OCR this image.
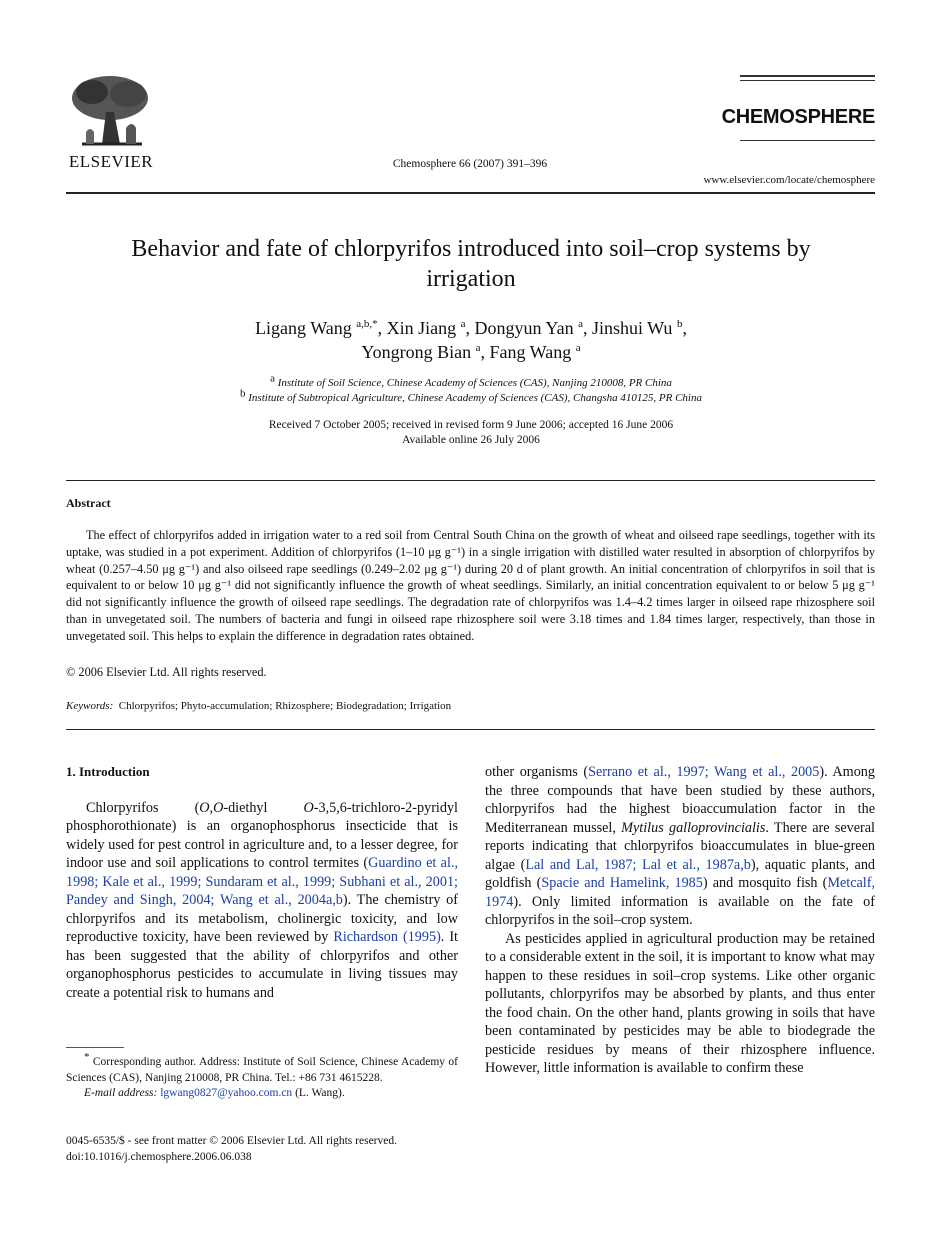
ELSEVIER	Chemosphere 66 (2007) 391–396
CHEMOSPHERE
www.elsevier.com/locate/chemosphere
Behavior and fate of chlorpyrifos introduced into soil–crop systems by irrigation
Ligang Wang $^{a,b,*}$, Xin Jiang $^a$, Dongyun Yan $^a$, Jinshui Wu $^b$,
Yongrong Bian $^a$, Fang Wang $^a$
$^a$ Institute of Soil Science, Chinese Academy of Sciences (CAS), Nanjing 210008, PR China
$^b$ Institute of Subtropical Agriculture, Chinese Academy of Sciences (CAS), Changsha 410125, PR China
Received 7 October 2005; received in revised form 9 June 2006; accepted 16 June 2006
Available online 26 July 2006
Abstract
The effect of chlorpyrifos added in irrigation water to a red soil from Central South China on the growth of wheat and oilseed rape seedlings, together with its uptake, was studied in a pot experiment. Addition of chlorpyrifos (1–10 μg g⁻¹) in a single irrigation with distilled water resulted in absorption of chlorpyrifos by wheat (0.257–4.50 μg g⁻¹) and also oilseed rape seedlings (0.249–2.02 μg g⁻¹) during 20 d of plant growth. An initial concentration of chlorpyrifos in soil that is equivalent to or below 10 μg g⁻¹ did not significantly influence the growth of wheat seedlings. Similarly, an initial concentration equivalent to or below 5 μg g⁻¹ did not significantly influence the growth of oilseed rape seedlings. The degradation rate of chlorpyrifos was 1.4–4.2 times larger in oilseed rape rhizosphere soil than in unvegetated soil. The numbers of bacteria and fungi in oilseed rape rhizosphere soil were 3.18 times and 1.84 times larger, respectively, than those in unvegetated soil. This helps to explain the difference in degradation rates obtained.
© 2006 Elsevier Ltd. All rights reserved.
Keywords: Chlorpyrifos; Phyto-accumulation; Rhizosphere; Biodegradation; Irrigation

1. Introduction

Chlorpyrifos (O,O-diethyl O-3,5,6-trichloro-2-pyridyl phosphorothionate) is an organophosphorus insecticide that is widely used for pest control in agriculture and, to a lesser degree, for indoor use and soil applications to control termites (Guardino et al., 1998; Kale et al., 1999; Sundaram et al., 1999; Subhani et al., 2001; Pandey and Singh, 2004; Wang et al., 2004a,b). The chemistry of chlorpyrifos and its metabolism, cholinergic toxicity, and low reproductive toxicity, have been reviewed by Richardson (1995). It has been suggested that the ability of chlorpyrifos and other organophosphorus pesticides to accumulate in living tissues may create a potential risk to humans and

* Corresponding author. Address: Institute of Soil Science, Chinese Academy of Sciences (CAS), Nanjing 210008, PR China. Tel.: +86 731 4615228.
E-mail address: lgwang0827@yahoo.com.cn (L. Wang).
0045-6535/$ - see front matter © 2006 Elsevier Ltd. All rights reserved.
doi:10.1016/j.chemosphere.2006.06.038

other organisms (Serrano et al., 1997; Wang et al., 2005). Among the three compounds that have been studied by these authors, chlorpyrifos had the highest bioaccumulation factor in the Mediterranean mussel, Mytilus galloprovincialis. There are several reports indicating that chlorpyrifos bioaccumulates in blue-green algae (Lal and Lal, 1987; Lal et al., 1987a,b), aquatic plants, and goldfish (Spacie and Hamelink, 1985) and mosquito fish (Metcalf, 1974). Only limited information is available on the fate of chlorpyrifos in the soil–crop system.

As pesticides applied in agricultural production may be retained to a considerable extent in the soil, it is important to know what may happen to these residues in soil–crop systems. Like other organic pollutants, chlorpyrifos may be absorbed by plants, and thus enter the food chain. On the other hand, plants growing in soils that have been contaminated by pesticides may be able to biodegrade the pesticide residues by means of their rhizosphere influence. However, little information is available to confirm these
